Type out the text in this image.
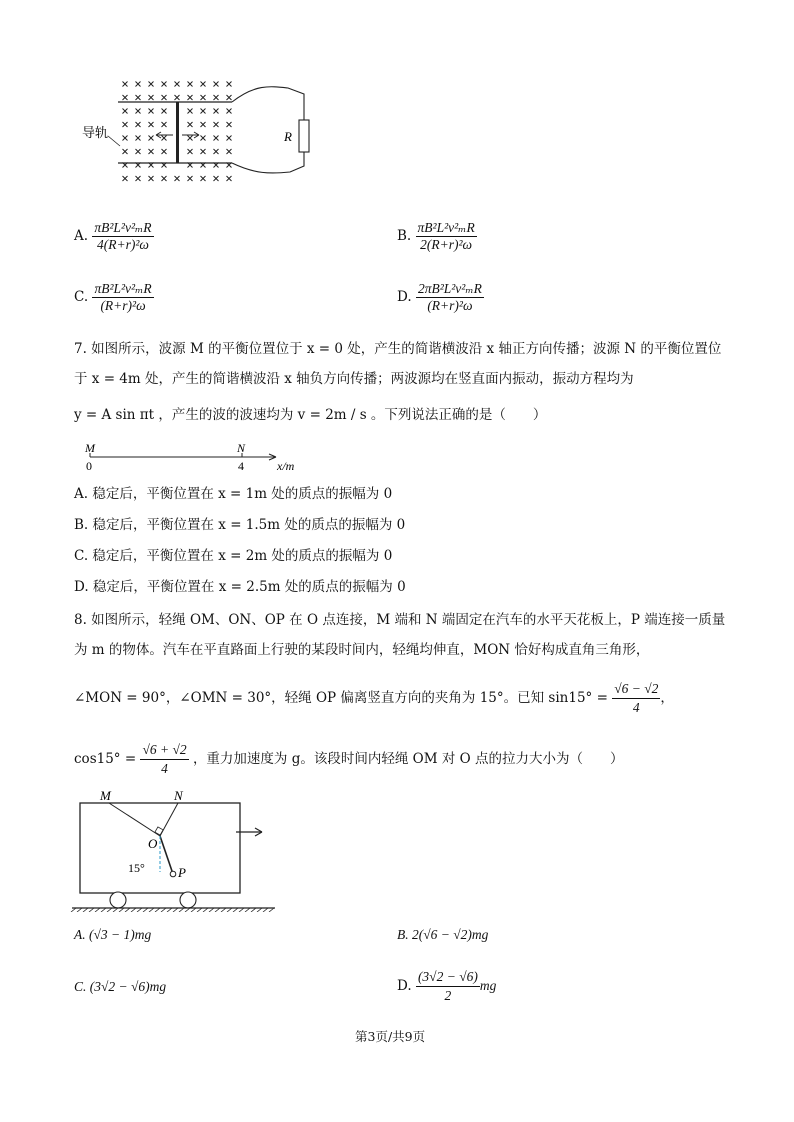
导轨	R
A. $\frac{\text{πB²L²v²ₘR}}{\text{4(R+r)²ω}}$	B. $\frac{\text{πB²L²v²ₘR}}{\text{2(R+r)²ω}}$
C. $\frac{\text{πB²L²v²ₘR}}{\text{(R+r)²ω}}$	D. $\frac{\text{2πB²L²v²ₘR}}{\text{(R+r)²ω}}$
7. 如图所示，波源 M 的平衡位置位于 x = 0 处，产生的简谐横波沿 x 轴正方向传播；波源 N 的平衡位置位
于 x = 4m 处，产生的简谐横波沿 x 轴负方向传播；两波源均在竖直面内振动，振动方程均为
y = A sin πt ，产生的波的波速均为 v = 2m / s 。下列说法正确的是（　　）
M	N
0	4	x/m
A. 稳定后，平衡位置在 x = 1m 处的质点的振幅为 0
B. 稳定后，平衡位置在 x = 1.5m 处的质点的振幅为 0
C. 稳定后，平衡位置在 x = 2m 处的质点的振幅为 0
D. 稳定后，平衡位置在 x = 2.5m 处的质点的振幅为 0
8. 如图所示，轻绳 OM、ON、OP 在 O 点连接，M 端和 N 端固定在汽车的水平天花板上，P 端连接一质量
为 m 的物体。汽车在平直路面上行驶的某段时间内，轻绳均伸直，MON 恰好构成直角三角形，
∠MON = 90°，∠OMN = 30°，轻绳 OP 偏离竖直方向的夹角为 15°。已知 $\sin 15^\circ = \frac{√6 - √2}{4}$ ，
$\cos 15^\circ = \frac{√6 + √2}{4}$ ，重力加速度为 g。该段时间内轻绳 OM 对 O 点的拉力大小为（　　）
M	N
O
P
15°
A. (√3 − 1)mg	B. 2(√6 − √2)mg
C. (3√2 − √6)mg	D. $\frac{(3√2 - √6)}{2}$ mg
第3页/共9页
